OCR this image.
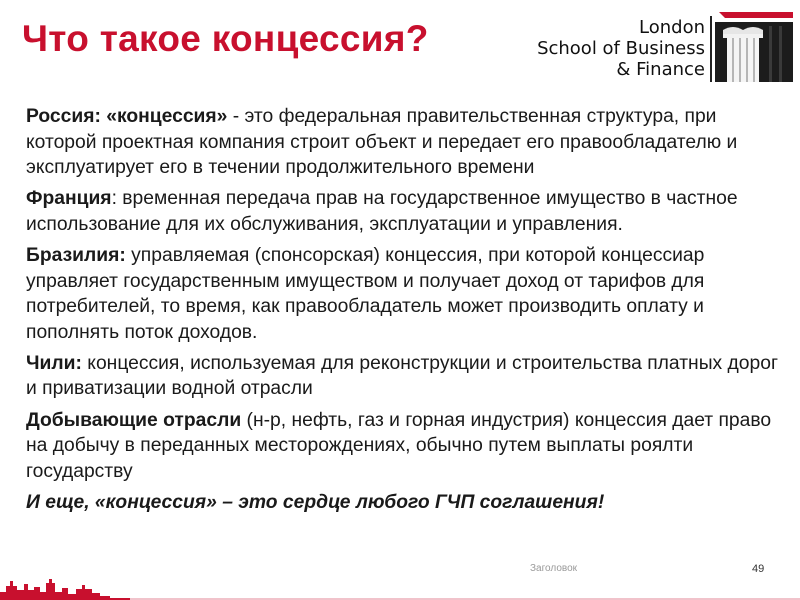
Что такое концессия?	London
School of Business
& Finance

Россия: «концессия» - это федеральная правительственная структура, при которой проектная компания строит объект и передает его правообладателю и эксплуатирует его в течении продолжительного времени

Франция: временная передача прав на государственное имущество в частное использование для их обслуживания, эксплуатации и управления.

Бразилия: управляемая (спонсорская) концессия, при которой концессиар управляет государственным имуществом и получает доход от тарифов для потребителей, то время, как правообладатель может производить оплату и пополнять поток доходов.

Чили: концессия, используемая для реконструкции и строительства платных дорог и приватизации водной отрасли

Добывающие отрасли (н-р, нефть, газ и горная индустрия) концессия дает право на добычу в переданных месторождениях, обычно путем выплаты роялти государству

И еще, «концессия» – это сердце любого ГЧП соглашения!

Заголовок	49
